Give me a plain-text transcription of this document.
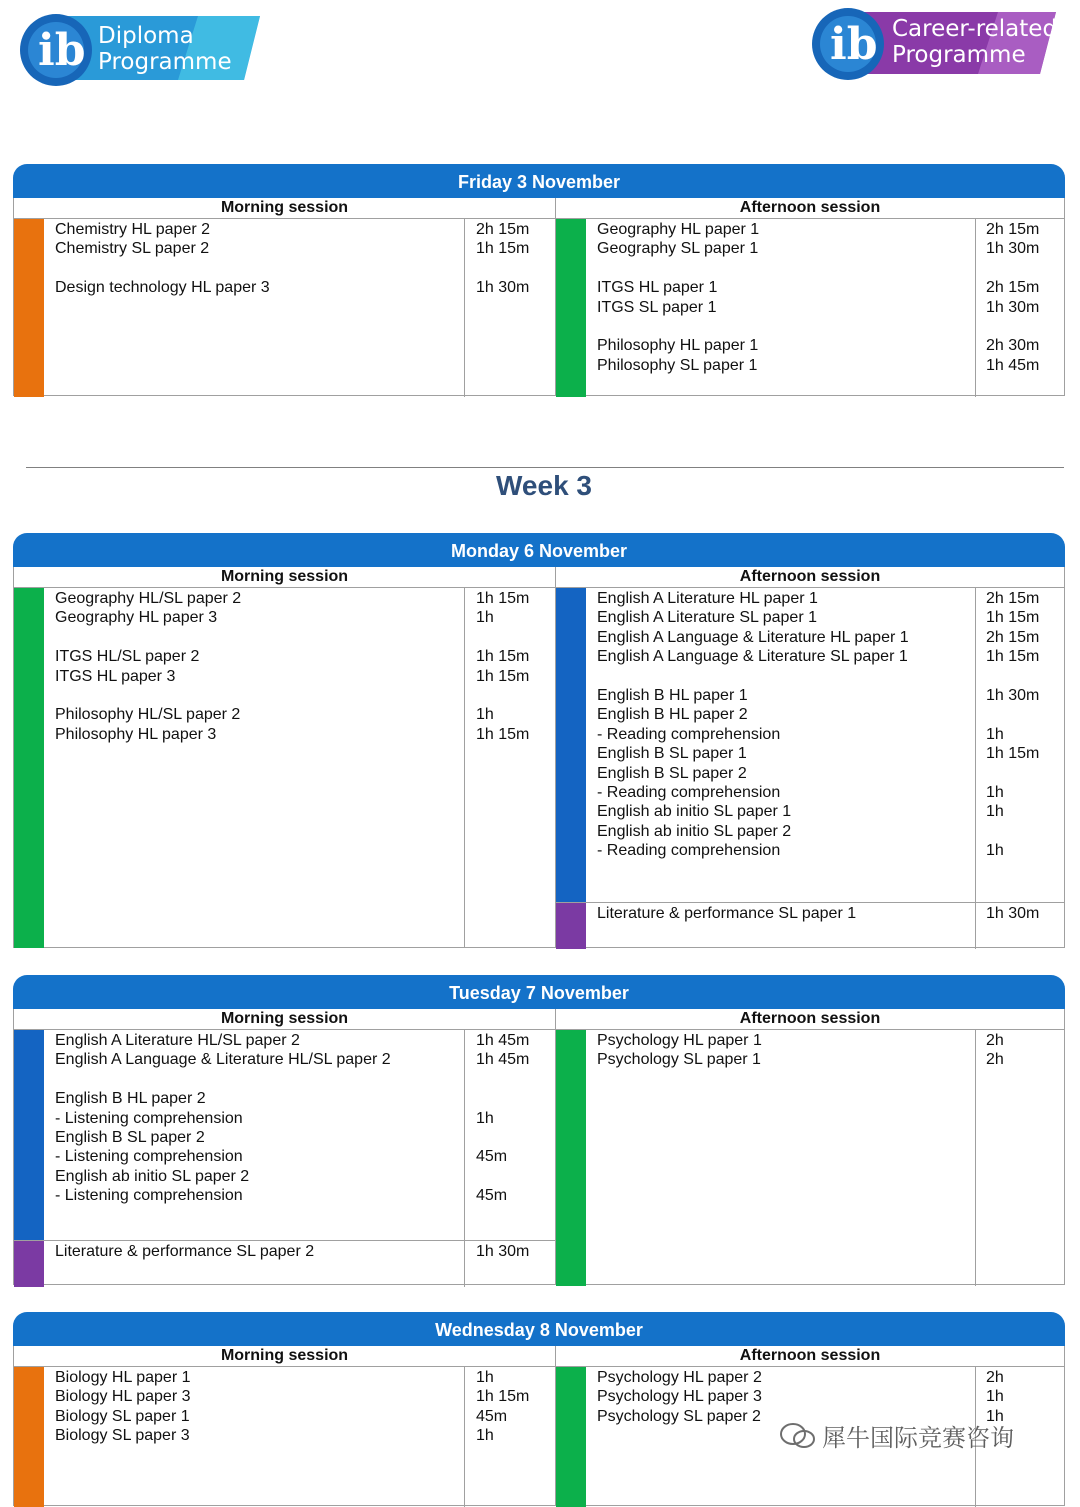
ib Diploma
Programme	ib Career-related
Programme
Friday 3 November
Morning session
Chemistry HL paper 2	2h 15m
Chemistry SL paper 2	1h 15m
Design technology HL paper 3	1h 30m
Afternoon session
Geography HL paper 1	2h 15m
Geography SL paper 1	1h 30m
ITGS HL paper 1	2h 15m
ITGS SL paper 1	1h 30m
Philosophy HL paper 1	2h 30m
Philosophy SL paper 1	1h 45m
Week 3
Monday 6 November
Morning session
Geography HL/SL paper 2	1h 15m
Geography HL paper 3	1h
ITGS HL/SL paper 2	1h 15m
ITGS HL paper 3	1h 15m
Philosophy HL/SL paper 2	1h
Philosophy HL paper 3	1h 15m
Afternoon session
English A Literature HL paper 1	2h 15m
English A Literature SL paper 1	1h 15m
English A Language & Literature HL paper 1	2h 15m
English A Language & Literature SL paper 1	1h 15m
English B HL paper 1	1h 30m
English B HL paper 2
- Reading comprehension	1h
English B SL paper 1	1h 15m
English B SL paper 2
- Reading comprehension	1h
English ab initio SL paper 1	1h
English ab initio SL paper 2
- Reading comprehension	1h
Literature & performance SL paper 1	1h 30m
Tuesday 7 November
Morning session
English A Literature HL/SL paper 2	1h 45m
English A Language & Literature HL/SL paper 2	1h 45m
English B HL paper 2
- Listening comprehension	1h
English B SL paper 2
- Listening comprehension	45m
English ab initio SL paper 2
- Listening comprehension	45m
Literature & performance SL paper 2	1h 30m
Afternoon session
Psychology HL paper 1	2h
Psychology SL paper 1	2h
Wednesday 8 November
Morning session
Biology HL paper 1	1h
Biology HL paper 3	1h 15m
Biology SL paper 1	45m
Biology SL paper 3	1h
Afternoon session
Psychology HL paper 2	2h
Psychology HL paper 3	1h
Psychology SL paper 2	1h
犀牛国际竞赛咨询
